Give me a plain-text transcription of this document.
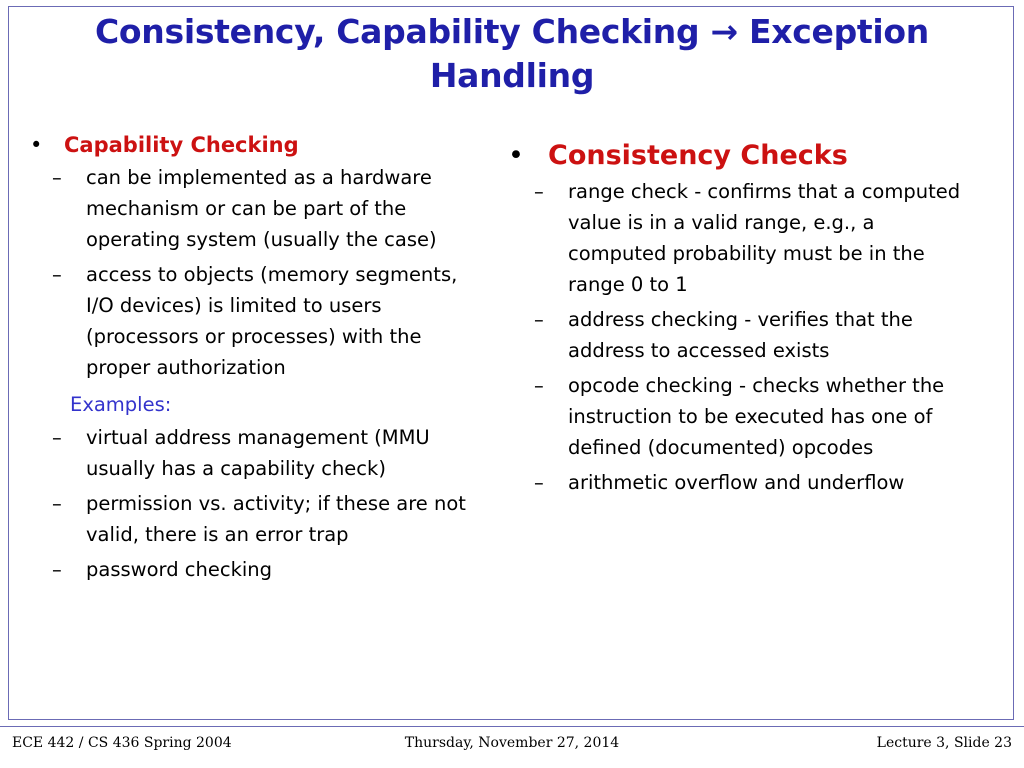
Consistency, Capability Checking → Exception Handling
•	Capability Checking
–	can be implemented as a hardware mechanism or can be part of the operating system (usually the case)
–	access to objects (memory segments, I/O devices) is limited to users (processors or processes) with the proper authorization
Examples:
–	virtual address management (MMU usually has a capability check)
–	permission vs. activity; if these are not valid, there is an error trap
–	password checking
• Consistency Checks
–	range check - confirms that a computed value is in a valid range, e.g., a computed probability must be in the range 0 to 1
–	address checking - verifies that the address to accessed exists
–	opcode checking - checks whether the instruction to be executed has one of defined (documented) opcodes
–	arithmetic overflow and underflow
ECE 442 / CS 436 Spring 2004	Thursday, November 27, 2014	Lecture 3, Slide 23
